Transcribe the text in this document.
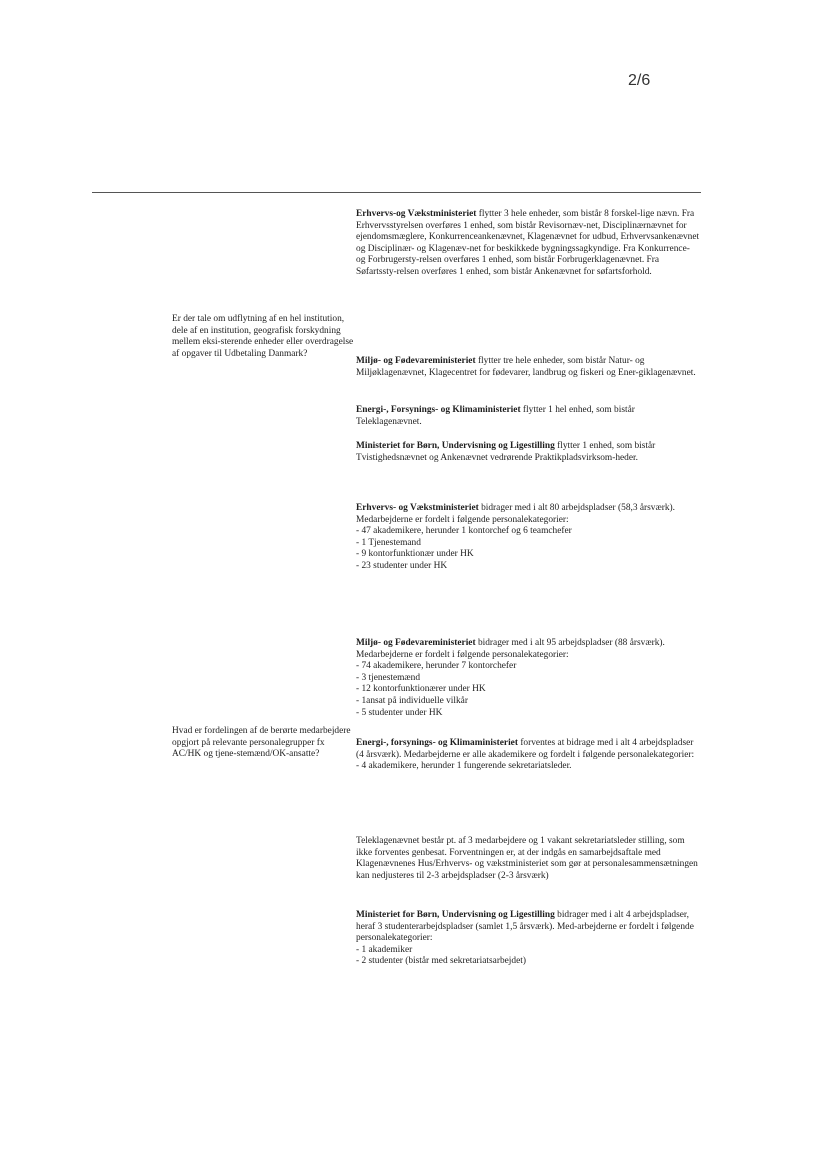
2/6
Erhvervs-og Vækstministeriet flytter 3 hele enheder, som bistår 8 forskel-lige nævn. Fra Erhvervsstyrelsen overføres 1 enhed, som bistår Revisornæv-net, Disciplinærnævnet for ejendomsmæglere, Konkurrenceankenævnet, Klagenævnet for udbud, Erhvervsankenævnet og Disciplinær- og Klagenæv-net for beskikkede bygningssagkyndige. Fra Konkurrence- og Forbrugersty-relsen overføres 1 enhed, som bistår Forbrugerklagenævnet. Fra Søfartssty-relsen overføres 1 enhed, som bistår Ankenævnet for søfartsforhold.
Er der tale om udflytning af en hel institution, dele af en institution, geografisk forskydning mellem eksi-sterende enheder eller overdragelse af opgaver til Udbetaling Danmark?
Miljø- og Fødevareministeriet flytter tre hele enheder, som bistår Natur- og Miljøklagenævnet, Klagecentret for fødevarer, landbrug og fiskeri og Ener-giklagenævnet.
Energi-, Forsynings- og Klimaministeriet flytter 1 hel enhed, som bistår Teleklagenævnet.
Ministeriet for Børn, Undervisning og Ligestilling flytter 1 enhed, som bistår Tvistighedsnævnet og Ankenævnet vedrørende Praktikpladsvirksom-heder.
Erhvervs- og Vækstministeriet bidrager med i alt 80 arbejdspladser (58,3 årsværk). Medarbejderne er fordelt i følgende personalekategorier:
- 47 akademikere, herunder 1 kontorchef og 6 teamchefer
- 1 Tjenestemand
- 9 kontorfunktionær under HK
- 23 studenter under HK
Miljø- og Fødevareministeriet bidrager med i alt 95 arbejdspladser (88 årsværk). Medarbejderne er fordelt i følgende personalekategorier:
- 74 akademikere, herunder 7 kontorchefer
- 3 tjenestemænd
- 12 kontorfunktionærer under HK
- 1ansat på individuelle vilkår
- 5 studenter under HK
Hvad er fordelingen af de berørte medarbejdere opgjort på relevante personalegrupper fx AC/HK og tjene-stemænd/OK-ansatte?
Energi-, forsynings- og Klimaministeriet forventes at bidrage med i alt 4 arbejdspladser (4 årsværk). Medarbejderne er alle akademikere og fordelt i følgende personalekategorier:
- 4 akademikere, herunder 1 fungerende sekretariatsleder.
Teleklagenævnet består pt. af 3 medarbejdere og 1 vakant sekretariatsleder stilling, som ikke forventes genbesat. Forventningen er, at der indgås en samarbejdsaftale med Klagenævnenes Hus/Erhvervs- og vækstministeriet som gør at personalesammensætningen kan nedjusteres til 2-3 arbejdspladser (2-3 årsværk)
Ministeriet for Børn, Undervisning og Ligestilling bidrager med i alt 4 arbejdspladser, heraf 3 studenterarbejdspladser (samlet 1,5 årsværk). Med-arbejderne er fordelt i følgende personalekategorier:
- 1 akademiker
- 2 studenter (bistår med sekretariatsarbejdet)
